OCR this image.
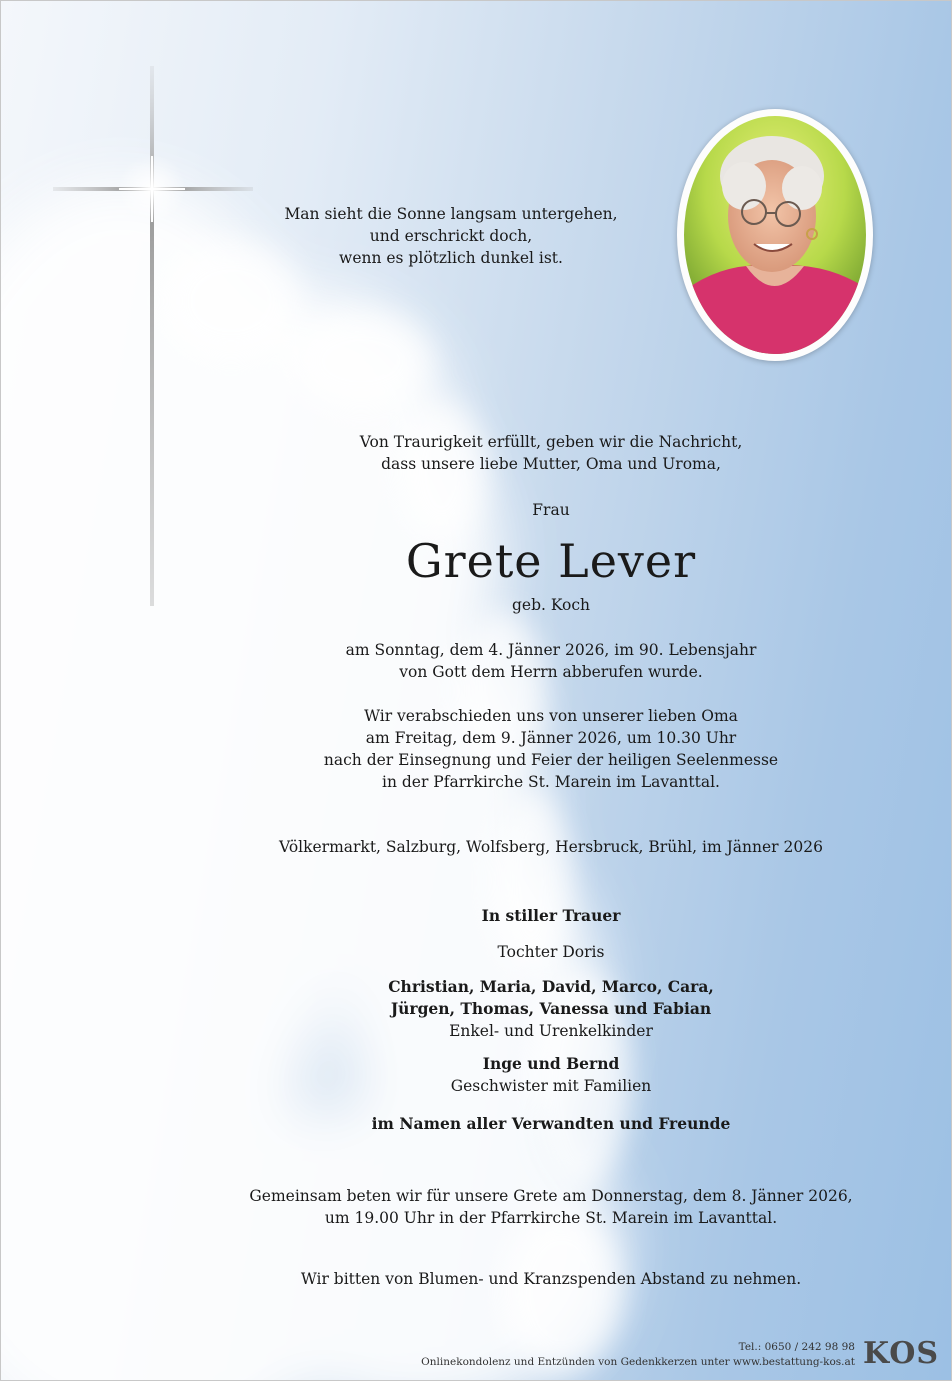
Man sieht die Sonne langsam untergehen,
und erschrickt doch,
wenn es plötzlich dunkel ist.
Von Traurigkeit erfüllt, geben wir die Nachricht,
dass unsere liebe Mutter, Oma und Uroma,
Frau
Grete Lever
geb. Koch
am Sonntag, dem 4. Jänner 2026, im 90. Lebensjahr
von Gott dem Herrn abberufen wurde.
Wir verabschieden uns von unserer lieben Oma
am Freitag, dem 9. Jänner 2026, um 10.30 Uhr
nach der Einsegnung und Feier der heiligen Seelenmesse
in der Pfarrkirche St. Marein im Lavanttal.
Völkermarkt, Salzburg, Wolfsberg, Hersbruck, Brühl, im Jänner 2026
In stiller Trauer
Tochter Doris
Christian, Maria, David, Marco, Cara,
Jürgen, Thomas, Vanessa und Fabian
Enkel- und Urenkelkinder
Inge und Bernd
Geschwister mit Familien
im Namen aller Verwandten und Freunde
Gemeinsam beten wir für unsere Grete am Donnerstag, dem 8. Jänner 2026,
um 19.00 Uhr in der Pfarrkirche St. Marein im Lavanttal.
Wir bitten von Blumen- und Kranzspenden Abstand zu nehmen.
Tel.: 0650 / 242 98 98
Onlinekondolenz und Entzünden von Gedenkkerzen unter www.bestattung-kos.at KOS
